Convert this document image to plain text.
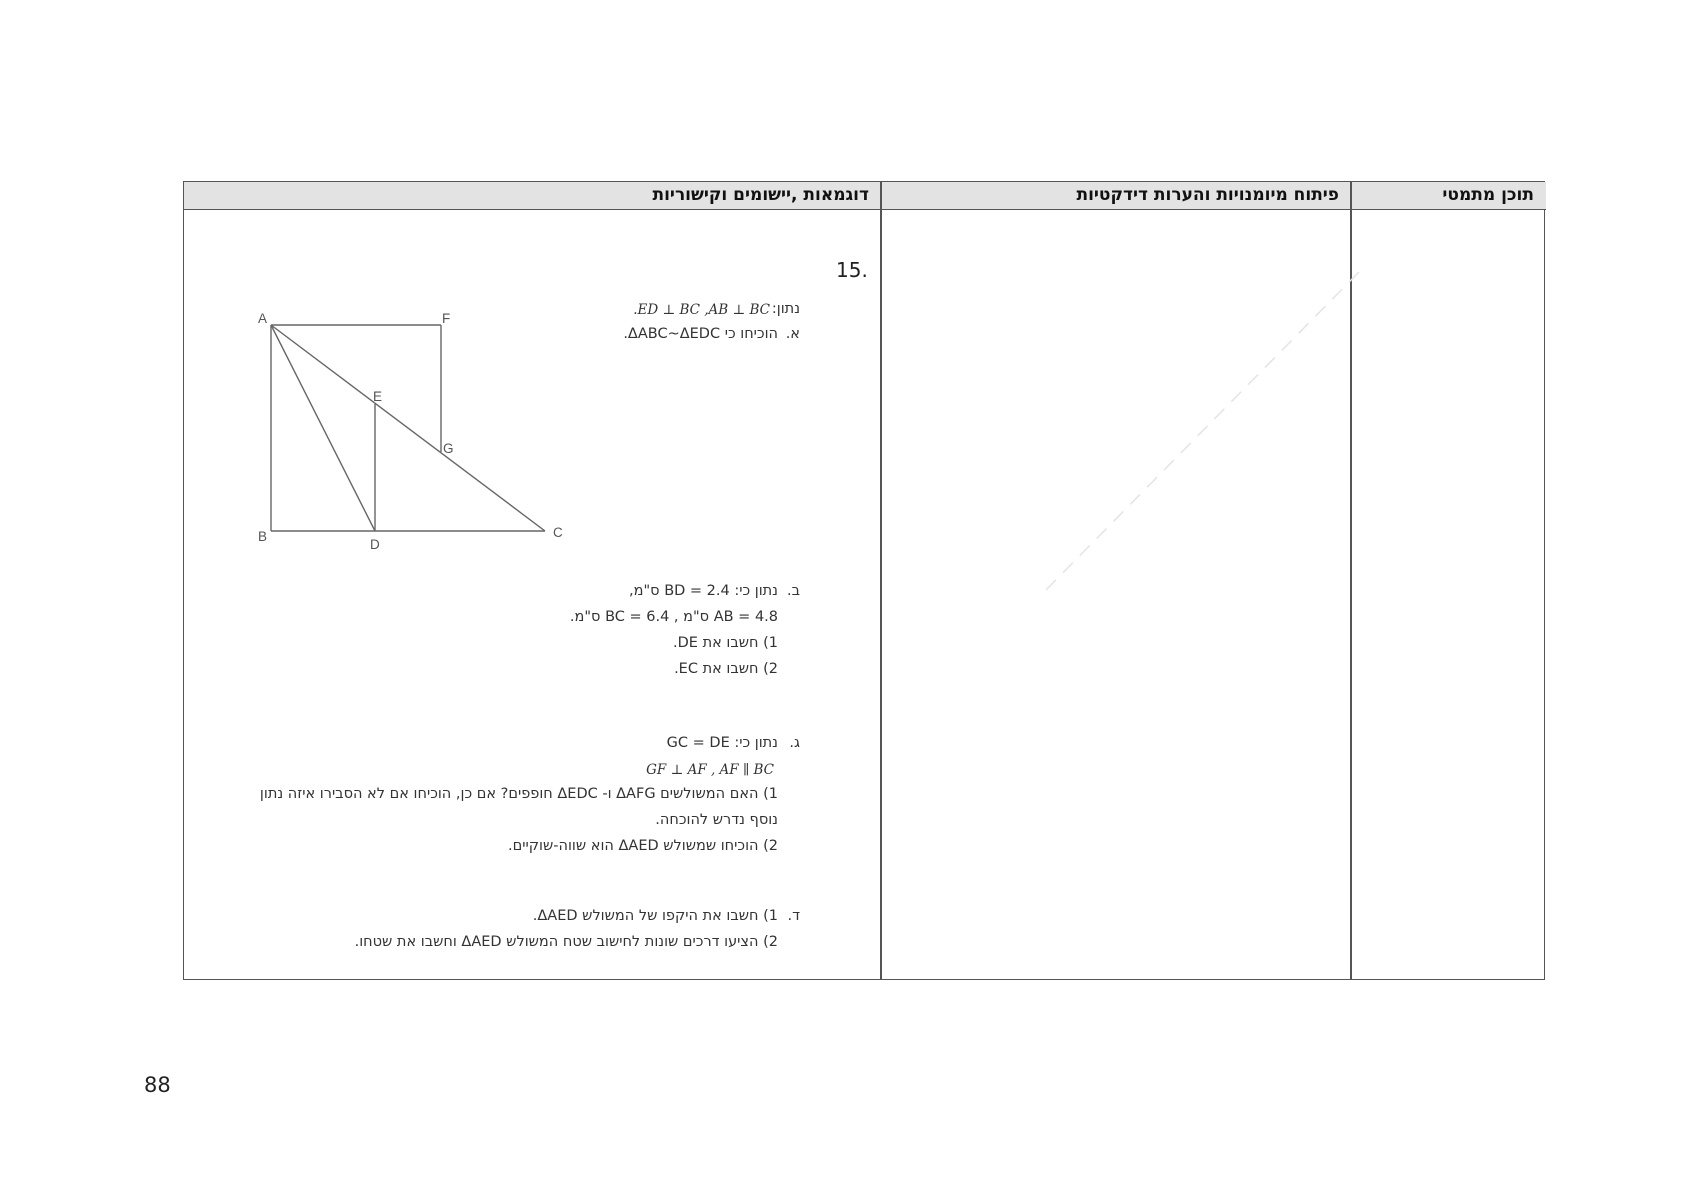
דוגמאות ,יישומים וקישוריות	פיתוח מיומנויות והערות דידקטיות	תוכן מתמטי
.15
נתון:
.ED ⊥ BC ,AB ⊥ BC
א.
הוכיחו כי ΔABC~ΔEDC.
A	F
E
G
B
D
C
ב.
נתון כי: BD = 2.4 ס"מ,
AB = 4.8 ס"מ , BC = 6.4 ס"מ.
1) חשבו את DE.
2) חשבו את EC.
ג.
נתון כי: GC = DE
GF ⊥ AF , AF ∥ BC
1) האם המשולשים ΔAFG ו- ΔEDC חופפים? אם כן, הוכיחו אם לא הסבירו איזה נתון
נוסף נדרש להוכחה.
2) הוכיחו שמשולש ΔAED הוא שווה-שוקיים.
ד.
1) חשבו את היקפו של המשולש ΔAED.
2) הציעו דרכים שונות לחישוב שטח המשולש ΔAED וחשבו את שטחו.
88
